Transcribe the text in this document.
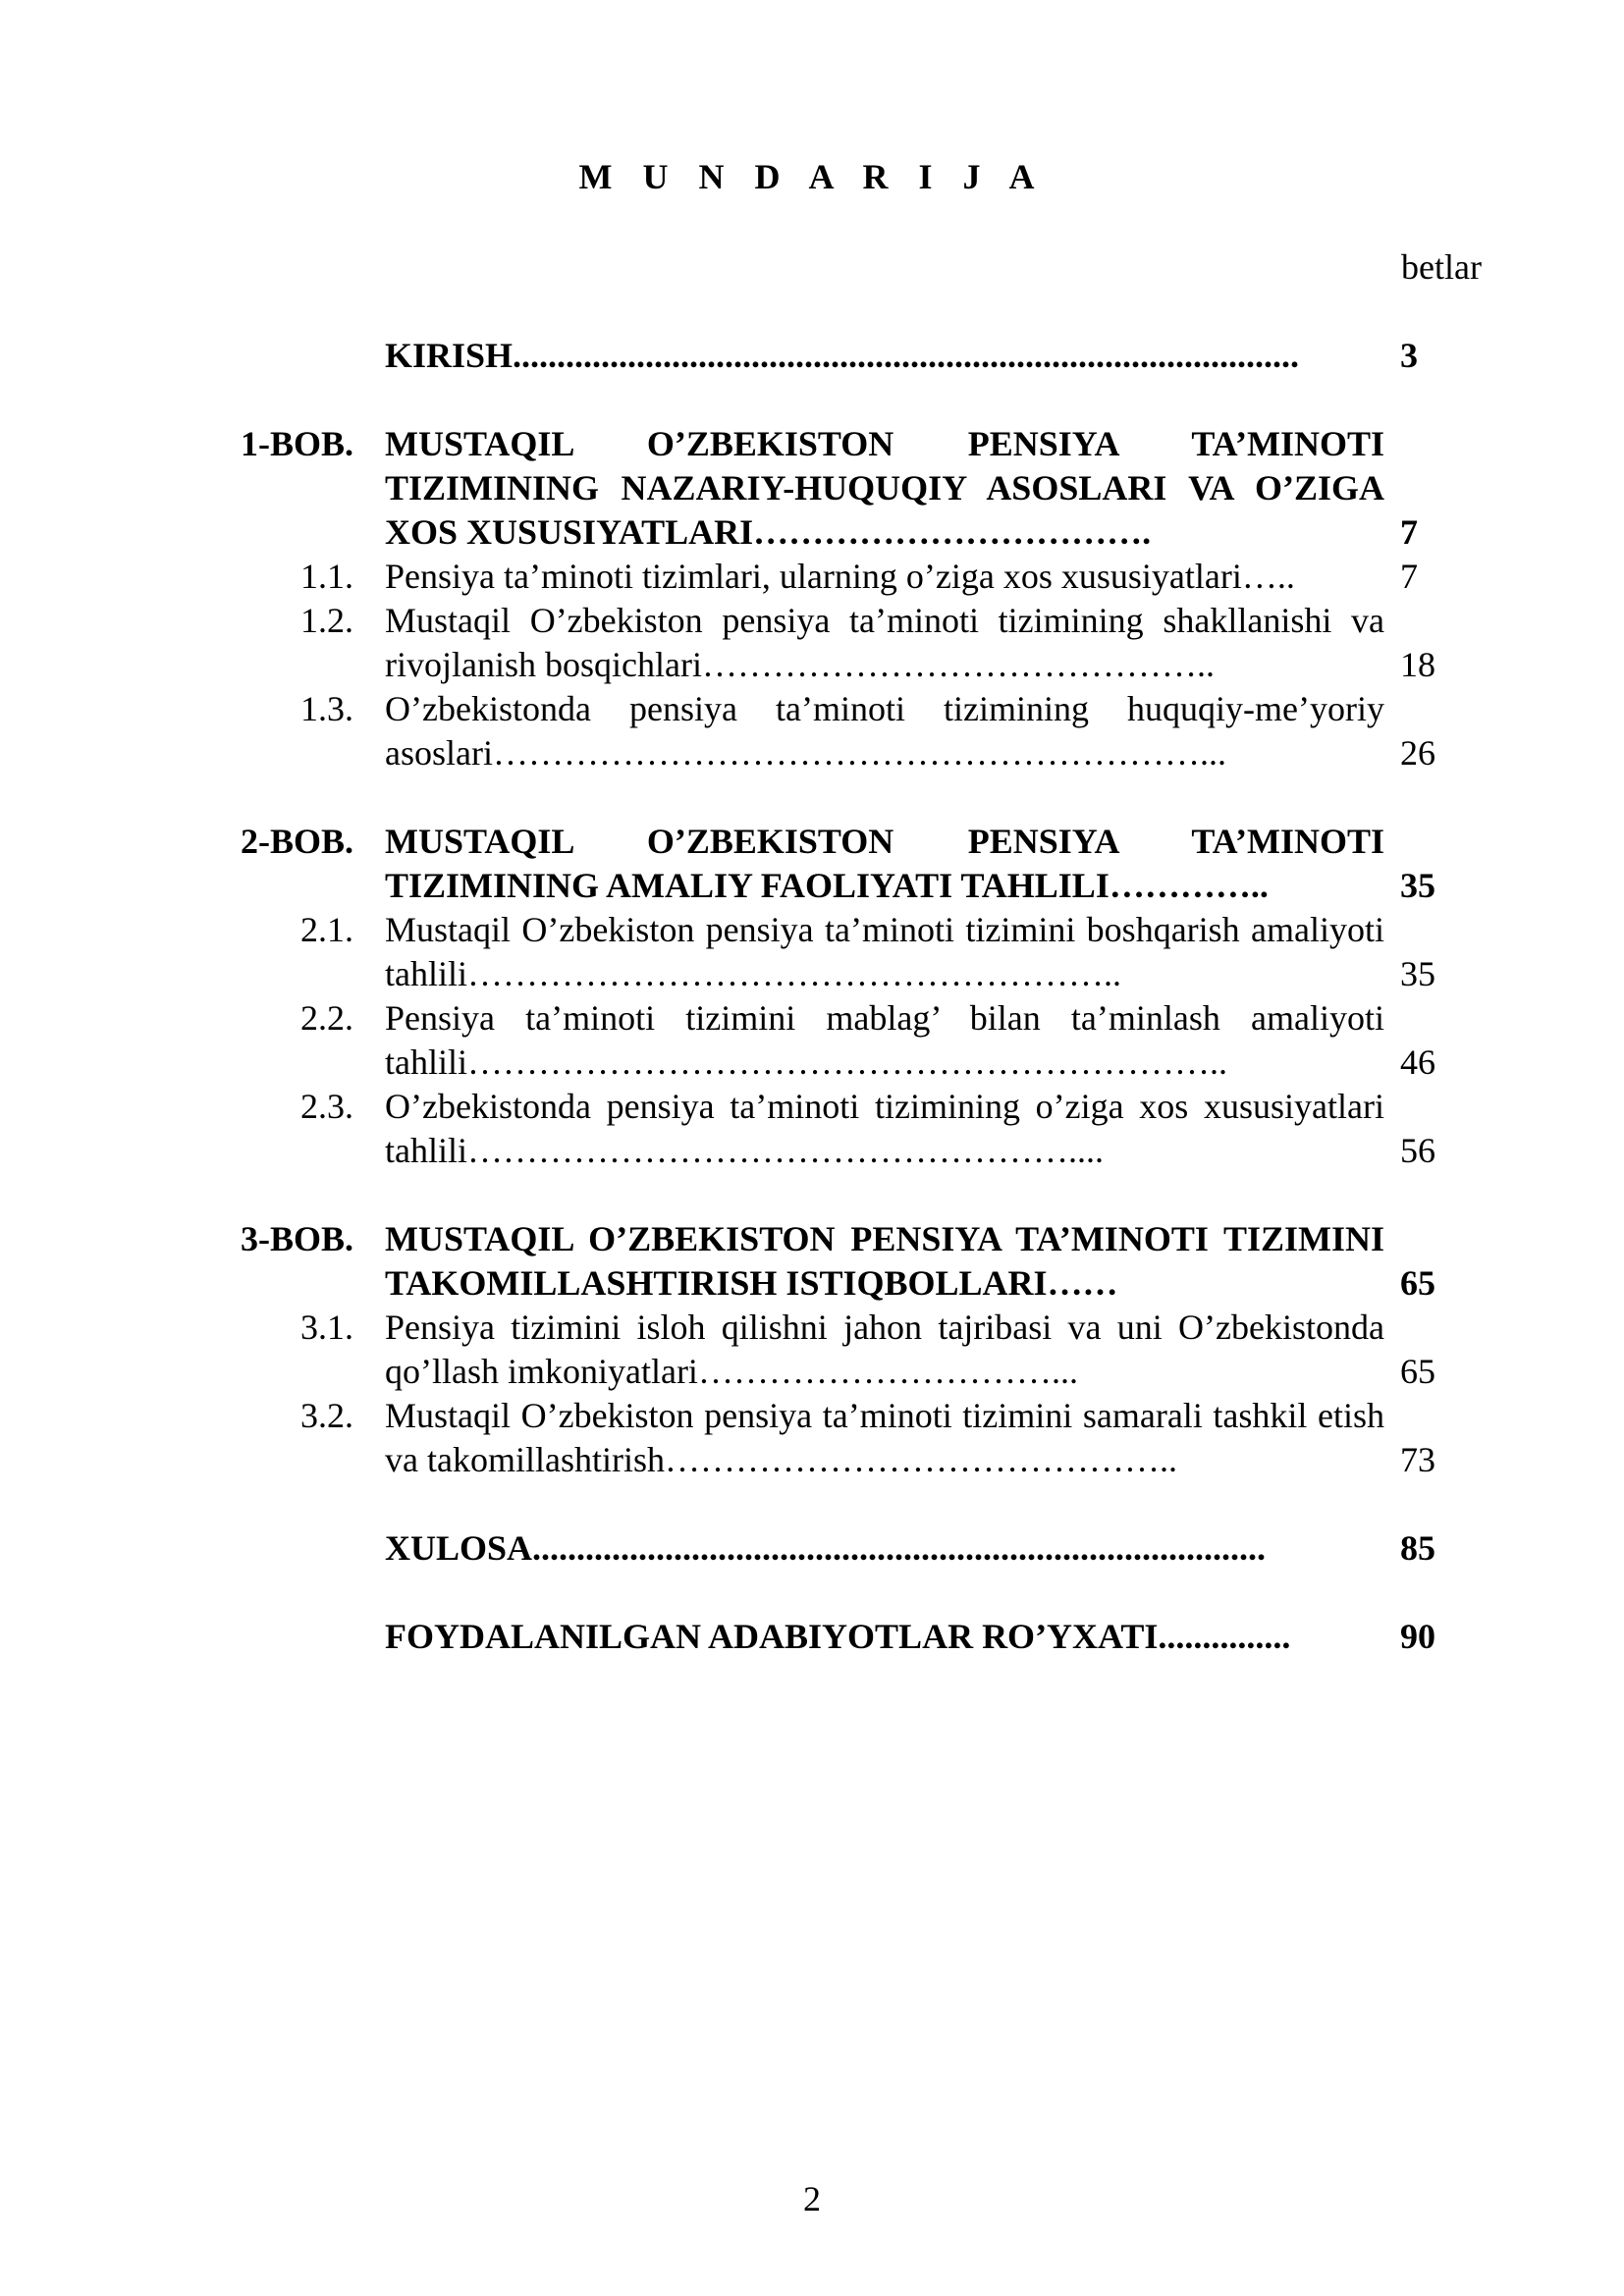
M U N D A R I J A
betlar
KIRISH.........................................................................................	3
1-BOB. MUSTAQIL O’ZBEKISTON PENSIYA TA’MINOTI TIZIMINING NAZARIY-HUQUQIY ASOSLARI VA O’ZIGA XOS XUSUSIYATLARI…………………………….	7
1.1. Pensiya ta’minoti tizimlari, ularning o’ziga xos xususiyatlari…..	7
1.2. Mustaqil O’zbekiston pensiya ta’minoti tizimining shakllanishi va rivojlanish bosqichlari……………………………………..	18
1.3. O’zbekistonda pensiya ta’minoti tizimining huquqiy-me’yoriy asoslari……………………………………………………...	26
2-BOB. MUSTAQIL O’ZBEKISTON PENSIYA TA’MINOTI TIZIMINING AMALIY FAOLIYATI TAHLILI…………..	35
2.1. Mustaqil O’zbekiston pensiya ta’minoti tizimini boshqarish amaliyoti tahlili………………………………………………..	35
2.2. Pensiya ta’minoti tizimini mablag’ bilan ta’minlash amaliyoti tahlili………………………………………………………..	46
2.3. O’zbekistonda pensiya ta’minoti tizimining o’ziga xos xususiyatlari tahlili……………………………………………....	56
3-BOB. MUSTAQIL O’ZBEKISTON PENSIYA TA’MINOTI TIZIMINI TAKOMILLASHTIRISH ISTIQBOLLARI……	65
3.1. Pensiya tizimini isloh qilishni jahon tajribasi va uni O’zbekistonda qo’llash imkoniyatlari…………………………...	65
3.2. Mustaqil O’zbekiston pensiya ta’minoti tizimini samarali tashkil etish va takomillashtirish……………………………………..	73
XULOSA...................................................................................	85
FOYDALANILGAN ADABIYOTLAR RO’YXATI...............	90
2
